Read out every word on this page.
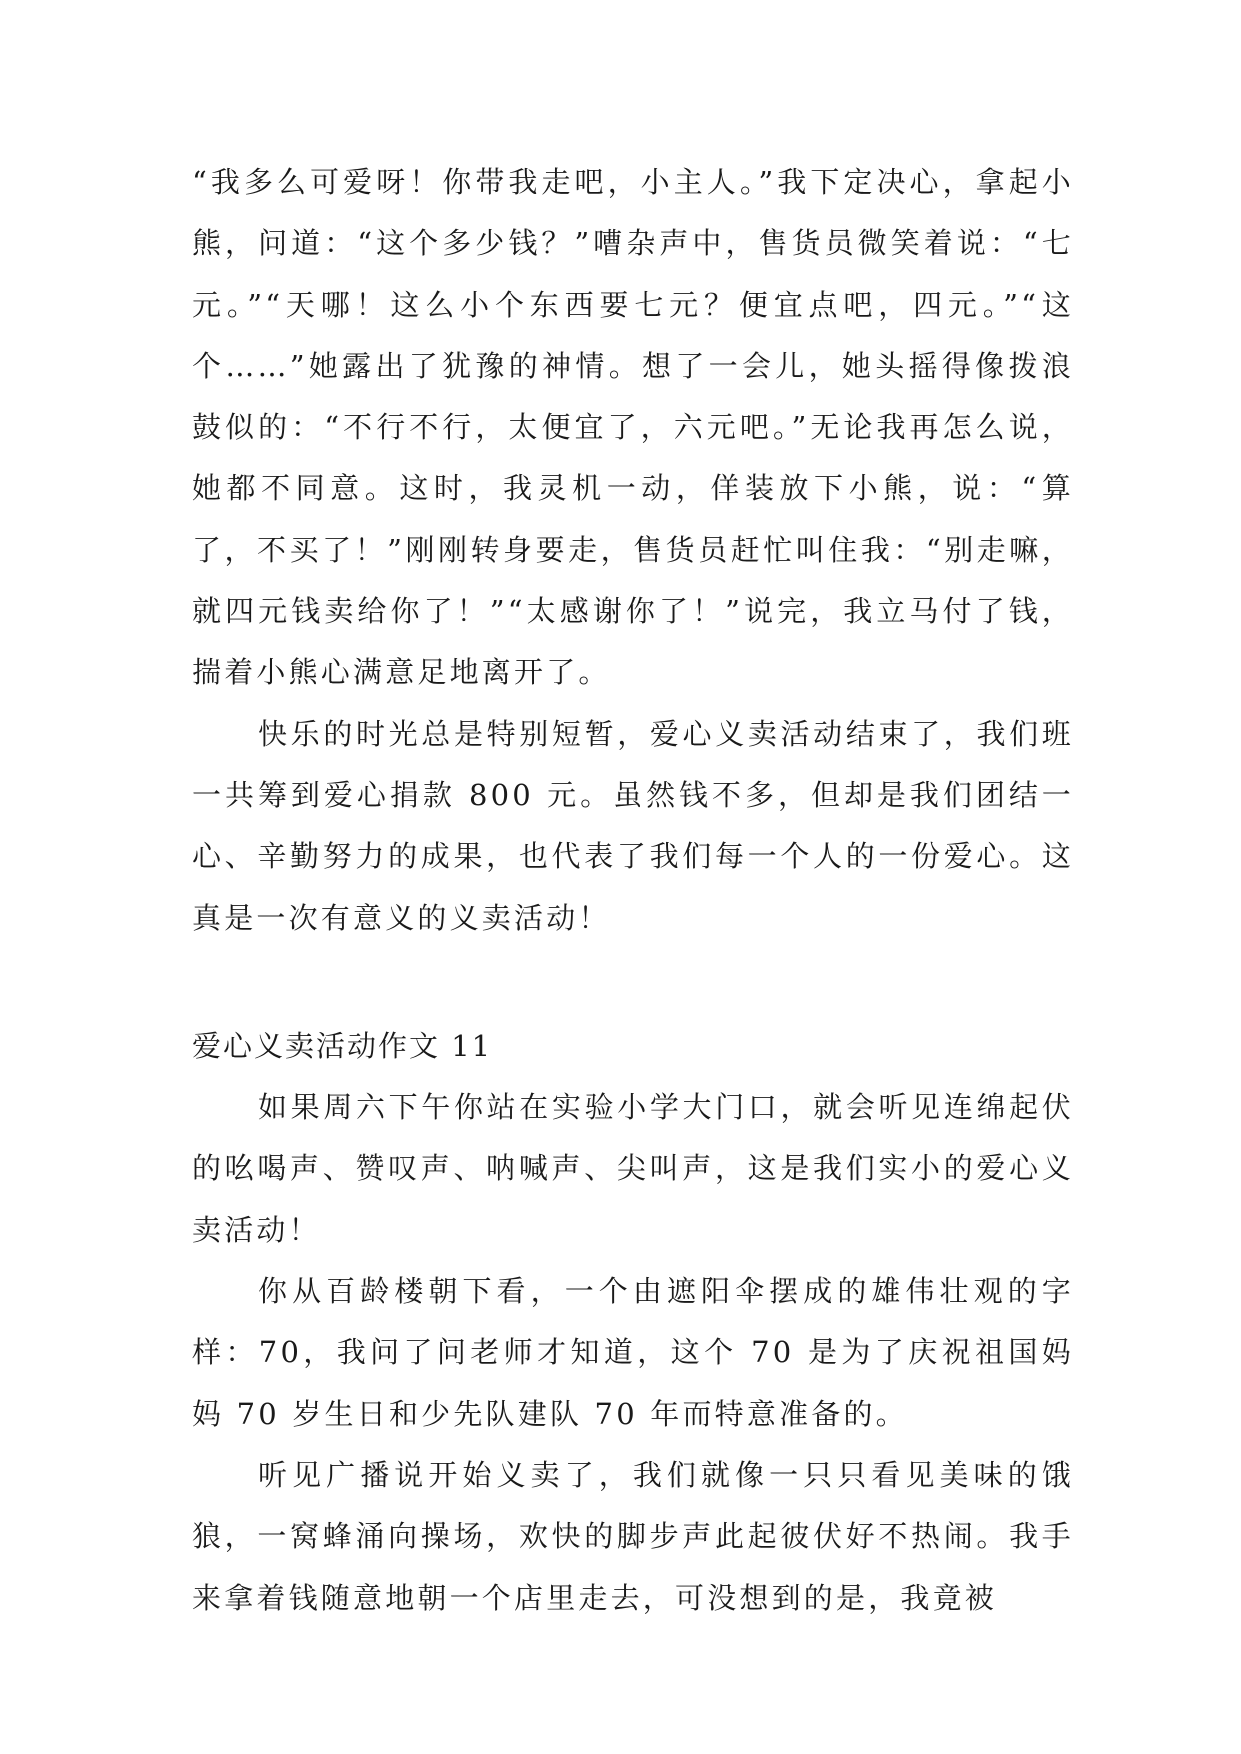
“我多么可爱呀！你带我走吧，小主人。”我下定决心，拿起小熊，问道：“这个多少钱？”嘈杂声中，售货员微笑着说：“七元。”“天哪！这么小个东西要七元？便宜点吧，四元。”“这个……”她露出了犹豫的神情。想了一会儿，她头摇得像拨浪鼓似的：“不行不行，太便宜了，六元吧。”无论我再怎么说，她都不同意。这时，我灵机一动，佯装放下小熊，说：“算了，不买了！”刚刚转身要走，售货员赶忙叫住我：“别走嘛，就四元钱卖给你了！”“太感谢你了！”说完，我立马付了钱，揣着小熊心满意足地离开了。

快乐的时光总是特别短暂，爱心义卖活动结束了，我们班一共筹到爱心捐款 800 元。虽然钱不多，但却是我们团结一心、辛勤努力的成果，也代表了我们每一个人的一份爱心。这真是一次有意义的义卖活动！

爱心义卖活动作文 11

如果周六下午你站在实验小学大门口，就会听见连绵起伏的吆喝声、赞叹声、呐喊声、尖叫声，这是我们实小的爱心义卖活动！

你从百龄楼朝下看，一个由遮阳伞摆成的雄伟壮观的字样：70，我问了问老师才知道，这个 70 是为了庆祝祖国妈妈 70 岁生日和少先队建队 70 年而特意准备的。

听见广播说开始义卖了，我们就像一只只看见美味的饿狼，一窝蜂涌向操场，欢快的脚步声此起彼伏好不热闹。我手来拿着钱随意地朝一个店里走去，可没想到的是，我竟被
